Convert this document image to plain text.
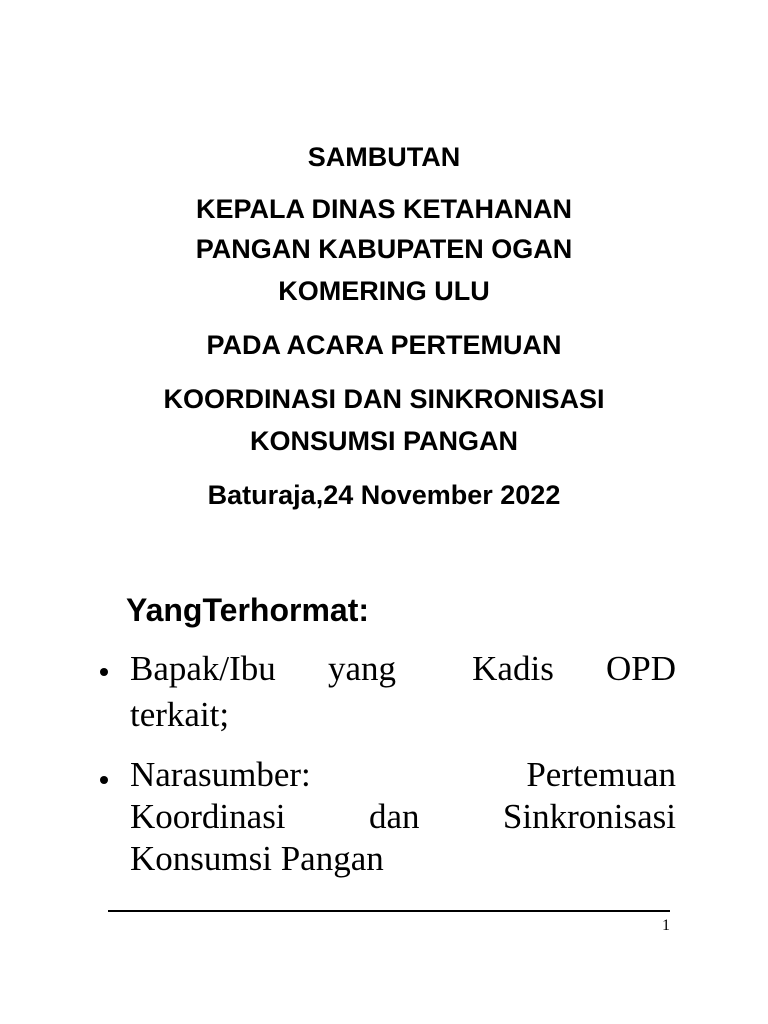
SAMBUTAN
KEPALA DINAS KETAHANAN
PANGAN KABUPATEN OGAN
KOMERING ULU
PADA ACARA PERTEMUAN
KOORDINASI DAN SINKRONISASI
KONSUMSI PANGAN
Baturaja,24 November 2022
YangTerhormat:
Bapak/Ibu yang Kadis OPD
terkait;
Narasumber:	Pertemuan
Koordinasi dan Sinkronisasi
Konsumsi Pangan
1
